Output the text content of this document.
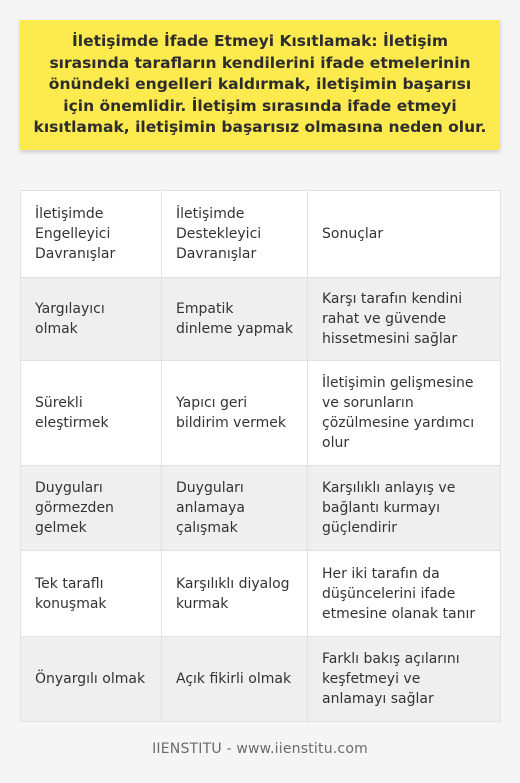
İletişimde İfade Etmeyi Kısıtlamak: İletişim sırasında tarafların kendilerini ifade etmelerinin önündeki engelleri kaldırmak, iletişimin başarısı için önemlidir. İletişim sırasında ifade etmeyi kısıtlamak, iletişimin başarısız olmasına neden olur.
İletişimde Engelleyici Davranışlar	İletişimde Destekleyici Davranışlar	Sonuçlar
Yargılayıcı olmak	Empatik dinleme yapmak	Karşı tarafın kendini rahat ve güvende hissetmesini sağlar
Sürekli eleştirmek	Yapıcı geri bildirim vermek	İletişimin gelişmesine ve sorunların çözülmesine yardımcı olur
Duyguları görmezden gelmek	Duyguları anlamaya çalışmak	Karşılıklı anlayış ve bağlantı kurmayı güçlendirir
Tek taraflı konuşmak	Karşılıklı diyalog kurmak	Her iki tarafın da düşüncelerini ifade etmesine olanak tanır
Önyargılı olmak	Açık fikirli olmak	Farklı bakış açılarını keşfetmeyi ve anlamayı sağlar
IIENSTITU - www.iienstitu.com
